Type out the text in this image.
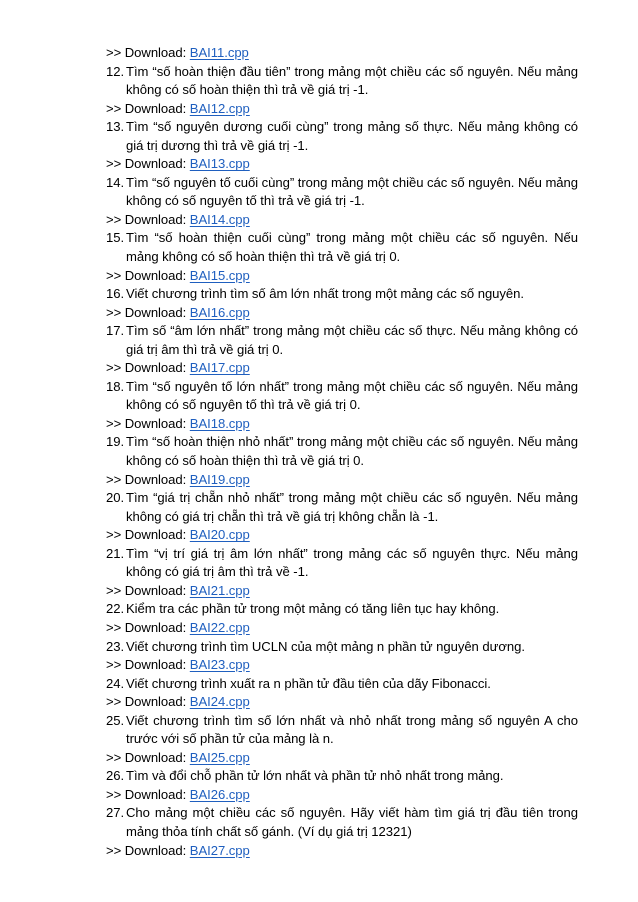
>> Download: BAI11.cpp
12. Tìm “số hoàn thiện đầu tiên” trong mảng một chiều các số nguyên. Nếu mảng không có số hoàn thiện thì trả về giá trị -1.
>> Download: BAI12.cpp
13. Tìm “số nguyên dương cuối cùng” trong mảng số thực. Nếu mảng không có giá trị dương thì trả về giá trị -1.
>> Download: BAI13.cpp
14. Tìm “số nguyên tố cuối cùng” trong mảng một chiều các số nguyên. Nếu mảng không có số nguyên tố thì trả về giá trị -1.
>> Download: BAI14.cpp
15. Tìm “số hoàn thiện cuối cùng” trong mảng một chiều các số nguyên. Nếu mảng không có số hoàn thiện thì trả về giá trị 0.
>> Download: BAI15.cpp
16. Viết chương trình tìm số âm lớn nhất trong một mảng các số nguyên.
>> Download: BAI16.cpp
17. Tìm số “âm lớn nhất” trong mảng một chiều các số thực. Nếu mảng không có giá trị âm thì trả về giá trị 0.
>> Download: BAI17.cpp
18. Tìm “số nguyên tố lớn nhất” trong mảng một chiều các số nguyên. Nếu mảng không có số nguyên tố thì trả về giá trị 0.
>> Download: BAI18.cpp
19. Tìm “số hoàn thiện nhỏ nhất” trong mảng một chiều các số nguyên. Nếu mảng không có số hoàn thiện thì trả về giá trị 0.
>> Download: BAI19.cpp
20. Tìm “giá trị chẵn nhỏ nhất” trong mảng một chiều các số nguyên. Nếu mảng không có giá trị chẵn thì trả về giá trị không chẵn là -1.
>> Download: BAI20.cpp
21. Tìm “vị trí giá trị âm lớn nhất” trong mảng các số nguyên thực. Nếu mảng không có giá trị âm thì trả về -1.
>> Download: BAI21.cpp
22. Kiểm tra các phần tử trong một mảng có tăng liên tục hay không.
>> Download: BAI22.cpp
23. Viết chương trình tìm UCLN của một mảng n phần tử nguyên dương.
>> Download: BAI23.cpp
24. Viết chương trình xuất ra n phần tử đầu tiên của dãy Fibonacci.
>> Download: BAI24.cpp
25. Viết chương trình tìm số lớn nhất và nhỏ nhất trong mảng số nguyên A cho trước với số phần tử của mảng là n.
>> Download: BAI25.cpp
26. Tìm và đổi chỗ phần tử lớn nhất và phần tử nhỏ nhất trong mảng.
>> Download: BAI26.cpp
27. Cho mảng một chiều các số nguyên. Hãy viết hàm tìm giá trị đầu tiên trong mảng thỏa tính chất số gánh. (Ví dụ giá trị 12321)
>> Download: BAI27.cpp
